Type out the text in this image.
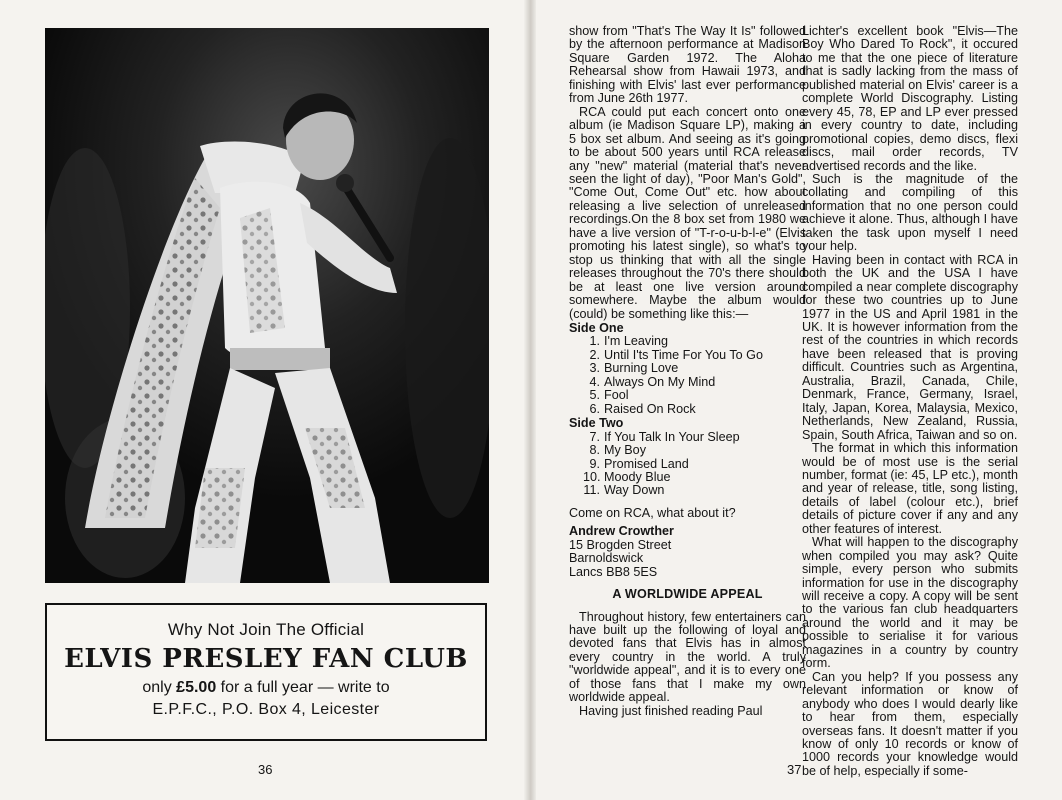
Why Not Join The Official
ELVIS PRESLEY FAN CLUB
only £5.00 for a full year — write to
E.P.F.C., P.O. Box 4, Leicester
36	37

show from "That's The Way It Is" followed by the afternoon performance at Madison Square Garden 1972. The Aloha Rehearsal show from Hawaii 1973, and finishing with Elvis' last ever performance from June 26th 1977.

RCA could put each concert onto one album (ie Madison Square LP), making a 5 box set album. And seeing as it's going to be about 500 years until RCA release any "new" material (material that's never seen the light of day), "Poor Man's Gold", "Come Out, Come Out" etc. how about releasing a live selection of unreleased recordings.On the 8 box set from 1980 we have a live version of "T-r-o-u-b-l-e" (Elvis promoting his latest single), so what's to stop us thinking that with all the single releases throughout the 70's there should be at least one live version around somewhere. Maybe the album would (could) be something like this:—

Side One
1. I'm Leaving
2. Until I'ts Time For You To Go
3. Burning Love
4. Always On My Mind
5. Fool
6. Raised On Rock
Side Two
7. If You Talk In Your Sleep
8. My Boy
9. Promised Land
10. Moody Blue
11. Way Down

Come on RCA, what about it?

Andrew Crowther
15 Brogden Street
Barnoldswick
Lancs BB8 5ES
A WORLDWIDE APPEAL

Throughout history, few entertainers can have built up the following of loyal and devoted fans that Elvis has in almost every country in the world. A truly "worldwide appeal", and it is to every one of those fans that I make my own worldwide appeal.

Having just finished reading Paul

Lichter's excellent book "Elvis—The Boy Who Dared To Rock", it occured to me that the one piece of literature that is sadly lacking from the mass of published material on Elvis' career is a complete World Discography. Listing every 45, 78, EP and LP ever pressed in every country to date, including promotional copies, demo discs, flexi discs, mail order records, TV advertised records and the like.

Such is the magnitude of the collating and compiling of this information that no one person could achieve it alone. Thus, although I have taken the task upon myself I need your help.

Having been in contact with RCA in both the UK and the USA I have compiled a near complete discography for these two countries up to June 1977 in the US and April 1981 in the UK. It is however information from the rest of the countries in which records have been released that is proving difficult. Countries such as Argentina, Australia, Brazil, Canada, Chile, Denmark, France, Germany, Israel, Italy, Japan, Korea, Malaysia, Mexico, Netherlands, New Zealand, Russia, Spain, South Africa, Taiwan and so on.

The format in which this information would be of most use is the serial number, format (ie: 45, LP etc.), month and year of release, title, song listing, details of label (colour etc.), brief details of picture cover if any and any other features of interest.

What will happen to the discography when compiled you may ask? Quite simple, every person who submits information for use in the discography will receive a copy. A copy will be sent to the various fan club headquarters around the world and it may be possible to serialise it for various magazines in a country by country form.

Can you help? If you possess any relevant information or know of anybody who does I would dearly like to hear from them, especially overseas fans. It doesn't matter if you know of only 10 records or know of 1000 records your knowledge would be of help, especially if some-
